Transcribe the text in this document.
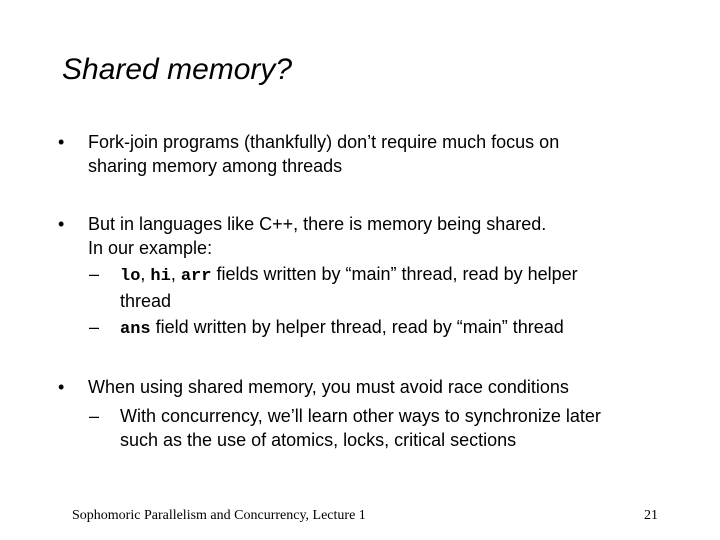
Shared memory?
•	Fork-join programs (thankfully) don’t require much focus on
sharing memory among threads
•	But in languages like C++, there is memory being shared.
In our example:
–	lo, hi, arr fields written by “main” thread, read by helper
thread
–	ans field written by helper thread, read by “main” thread
•	When using shared memory, you must avoid race conditions
–	With concurrency, we’ll learn other ways to synchronize later
such as the use of atomics, locks, critical sections
Sophomoric Parallelism and Concurrency, Lecture 1	21
